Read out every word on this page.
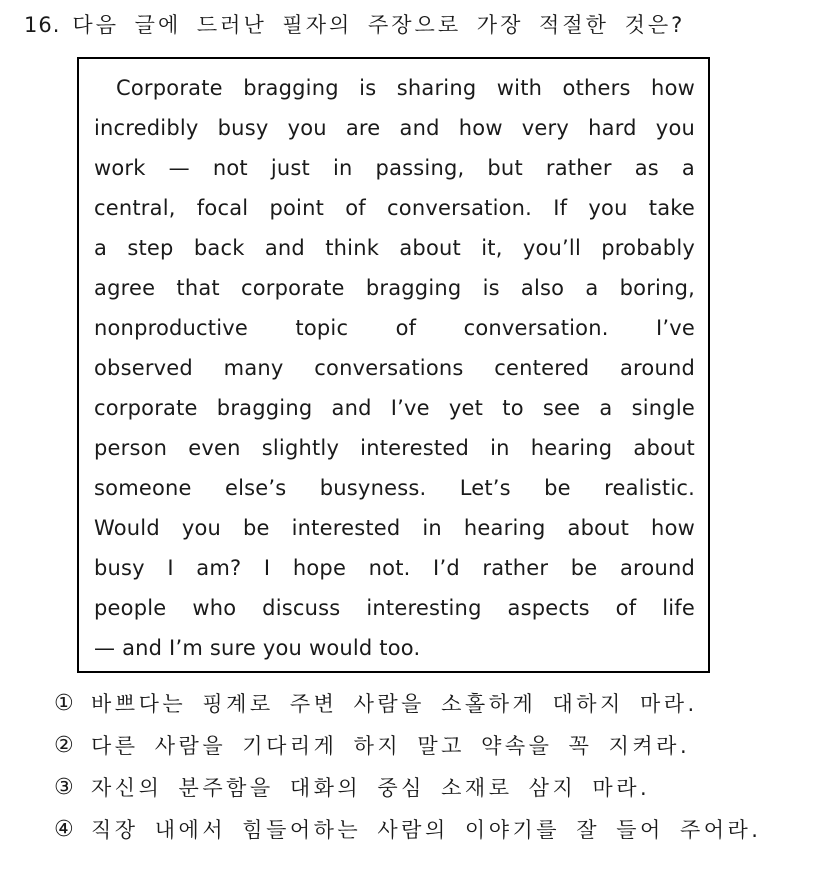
16. 다음 글에 드러난 필자의 주장으로 가장 적절한 것은?
Corporate bragging is sharing with others how
incredibly busy you are and how very hard you
work — not just in passing, but rather as a
central, focal point of conversation. If you take
a step back and think about it, you’ll probably
agree that corporate bragging is also a boring,
nonproductive topic of conversation. I’ve
observed many conversations centered around
corporate bragging and I’ve yet to see a single
person even slightly interested in hearing about
someone else’s busyness. Let’s be realistic.
Would you be interested in hearing about how
busy I am? I hope not. I’d rather be around
people who discuss interesting aspects of life
— and I’m sure you would too.
① 바쁘다는 핑계로 주변 사람을 소홀하게 대하지 마라.
② 다른 사람을 기다리게 하지 말고 약속을 꼭 지켜라.
③ 자신의 분주함을 대화의 중심 소재로 삼지 마라.
④ 직장 내에서 힘들어하는 사람의 이야기를 잘 들어 주어라.
